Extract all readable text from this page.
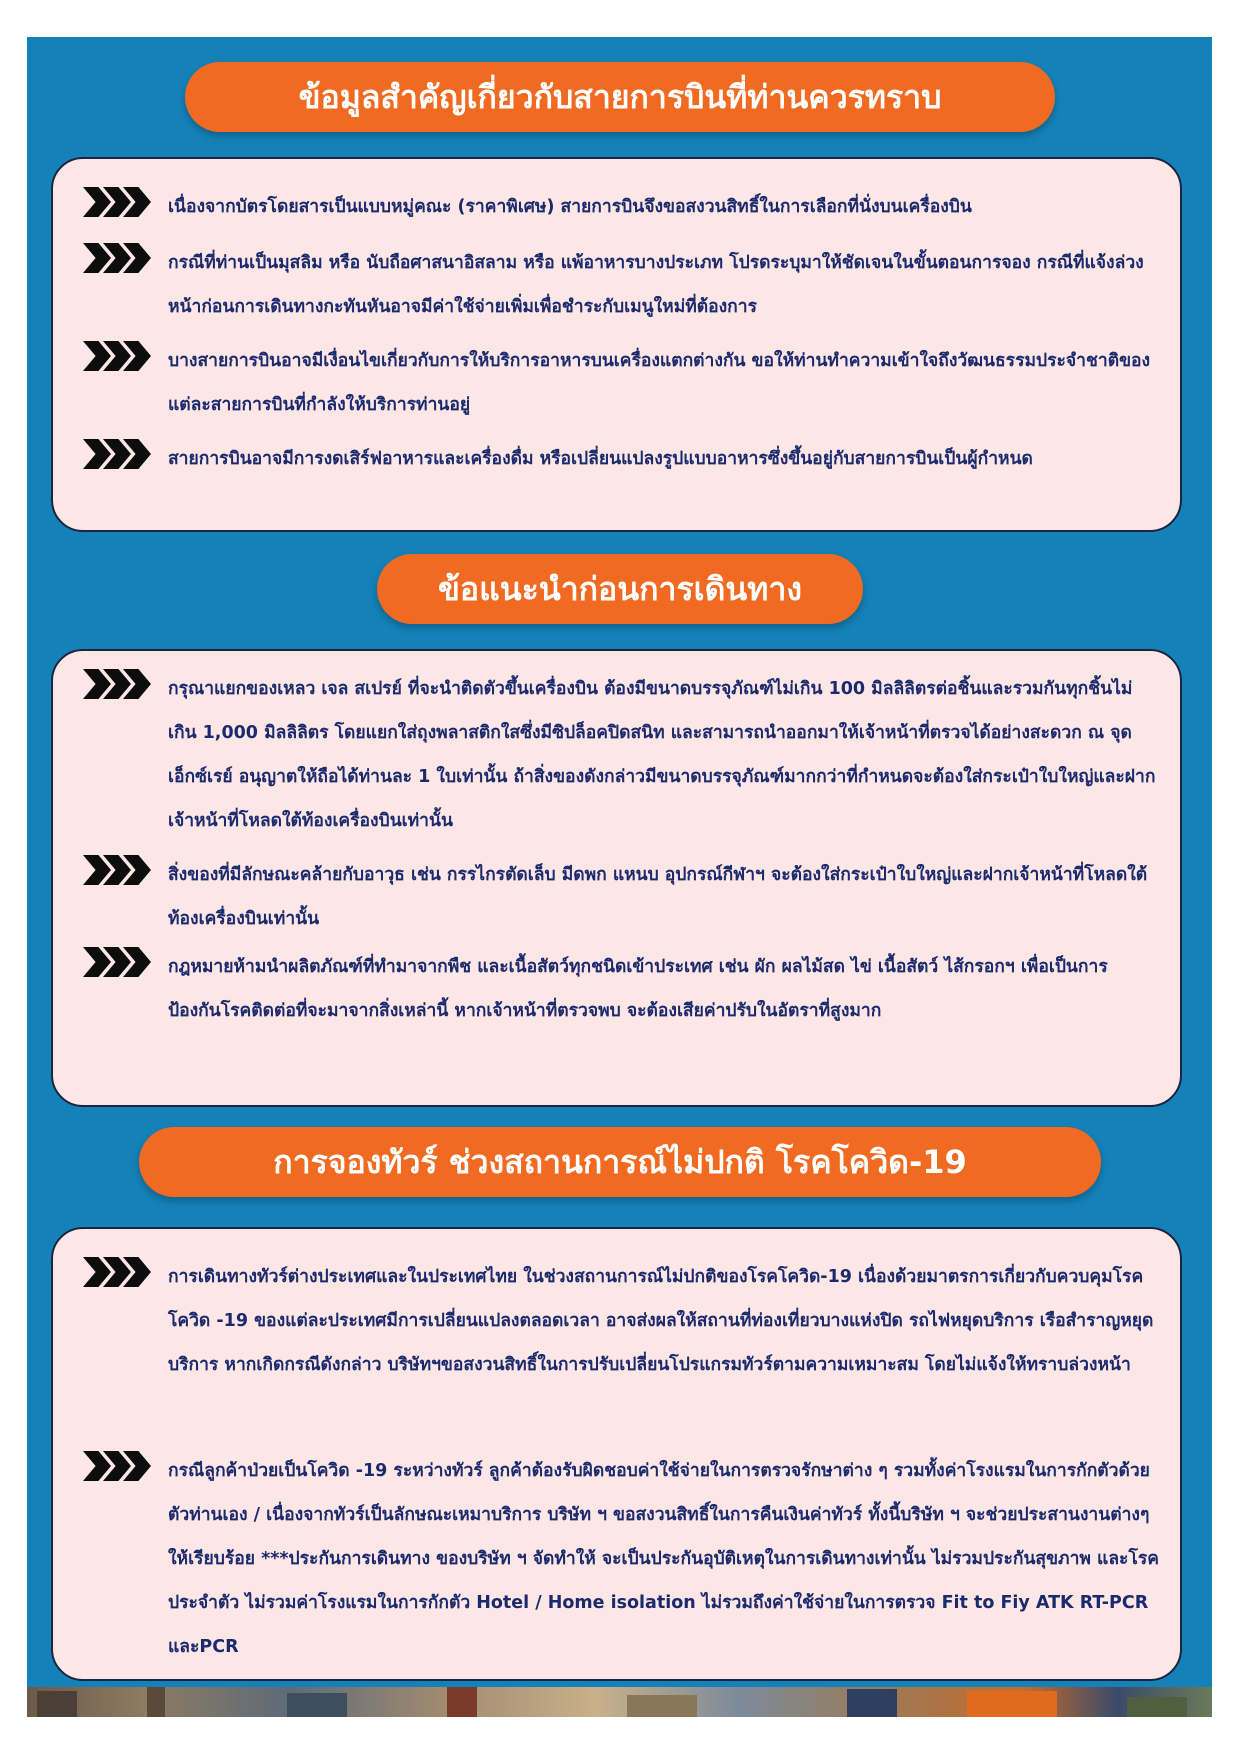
ข้อมูลสำคัญเกี่ยวกับสายการบินที่ท่านควรทราบ
เนื่องจากบัตรโดยสารเป็นแบบหมู่คณะ (ราคาพิเศษ) สายการบินจึงขอสงวนสิทธิ์ในการเลือกที่นั่งบนเครื่องบิน
กรณีที่ท่านเป็นมุสลิม หรือ นับถือศาสนาอิสลาม หรือ แพ้อาหารบางประเภท โปรดระบุมาให้ชัดเจนในขั้นตอนการจอง กรณีที่แจ้งล่วงหน้าก่อนการเดินทางกะทันหันอาจมีค่าใช้จ่ายเพิ่มเพื่อชำระกับเมนูใหม่ที่ต้องการ
บางสายการบินอาจมีเงื่อนไขเกี่ยวกับการให้บริการอาหารบนเครื่องแตกต่างกัน ขอให้ท่านทำความเข้าใจถึงวัฒนธรรมประจำชาติของแต่ละสายการบินที่กำลังให้บริการท่านอยู่
สายการบินอาจมีการงดเสิร์ฟอาหารและเครื่องดื่ม หรือเปลี่ยนแปลงรูปแบบอาหารซึ่งขึ้นอยู่กับสายการบินเป็นผู้กำหนด
ข้อแนะนำก่อนการเดินทาง
กรุณาแยกของเหลว เจล สเปรย์ ที่จะนำติดตัวขึ้นเครื่องบิน ต้องมีขนาดบรรจุภัณฑ์ไม่เกิน 100 มิลลิลิตรต่อชิ้นและรวมกันทุกชิ้นไม่เกิน 1,000 มิลลิลิตร โดยแยกใส่ถุงพลาสติกใสซึ่งมีซิปล็อคปิดสนิท และสามารถนำออกมาให้เจ้าหน้าที่ตรวจได้อย่างสะดวก ณ จุดเอ็กซ์เรย์ อนุญาตให้ถือได้ท่านละ 1 ใบเท่านั้น ถ้าสิ่งของดังกล่าวมีขนาดบรรจุภัณฑ์มากกว่าที่กำหนดจะต้องใส่กระเป๋าใบใหญ่และฝากเจ้าหน้าที่โหลดใต้ท้องเครื่องบินเท่านั้น
สิ่งของที่มีลักษณะคล้ายกับอาวุธ เช่น กรรไกรตัดเล็บ มีดพก แหนบ อุปกรณ์กีฬาฯ จะต้องใส่กระเป๋าใบใหญ่และฝากเจ้าหน้าที่โหลดใต้ท้องเครื่องบินเท่านั้น
กฎหมายห้ามนำผลิตภัณฑ์ที่ทำมาจากพืช และเนื้อสัตว์ทุกชนิดเข้าประเทศ เช่น ผัก ผลไม้สด ไข่ เนื้อสัตว์ ไส้กรอกฯ เพื่อเป็นการป้องกันโรคติดต่อที่จะมาจากสิ่งเหล่านี้ หากเจ้าหน้าที่ตรวจพบ จะต้องเสียค่าปรับในอัตราที่สูงมาก
การจองทัวร์ ช่วงสถานการณ์ไม่ปกติ โรคโควิด-19
การเดินทางทัวร์ต่างประเทศและในประเทศไทย ในช่วงสถานการณ์ไม่ปกติของโรคโควิด-19 เนื่องด้วยมาตรการเกี่ยวกับควบคุมโรคโควิด -19 ของแต่ละประเทศมีการเปลี่ยนแปลงตลอดเวลา อาจส่งผลให้สถานที่ท่องเที่ยวบางแห่งปิด รถไฟหยุดบริการ เรือสำราญหยุดบริการ หากเกิดกรณีดังกล่าว บริษัทฯขอสงวนสิทธิ์ในการปรับเปลี่ยนโปรแกรมทัวร์ตามความเหมาะสม โดยไม่แจ้งให้ทราบล่วงหน้า
กรณีลูกค้าป่วยเป็นโควิด -19 ระหว่างทัวร์ ลูกค้าต้องรับผิดชอบค่าใช้จ่ายในการตรวจรักษาต่าง ๆ รวมทั้งค่าโรงแรมในการกักตัวด้วยตัวท่านเอง / เนื่องจากทัวร์เป็นลักษณะเหมาบริการ บริษัท ฯ ขอสงวนสิทธิ์ในการคืนเงินค่าทัวร์ ทั้งนี้บริษัท ฯ จะช่วยประสานงานต่างๆ ให้เรียบร้อย ***ประกันการเดินทาง ของบริษัท ฯ จัดทำให้ จะเป็นประกันอุบัติเหตุในการเดินทางเท่านั้น ไม่รวมประกันสุขภาพ และโรคประจำตัว ไม่รวมค่าโรงแรมในการกักตัว Hotel / Home isolation ไม่รวมถึงค่าใช้จ่ายในการตรวจ Fit to Fiy ATK RT-PCR และPCR
